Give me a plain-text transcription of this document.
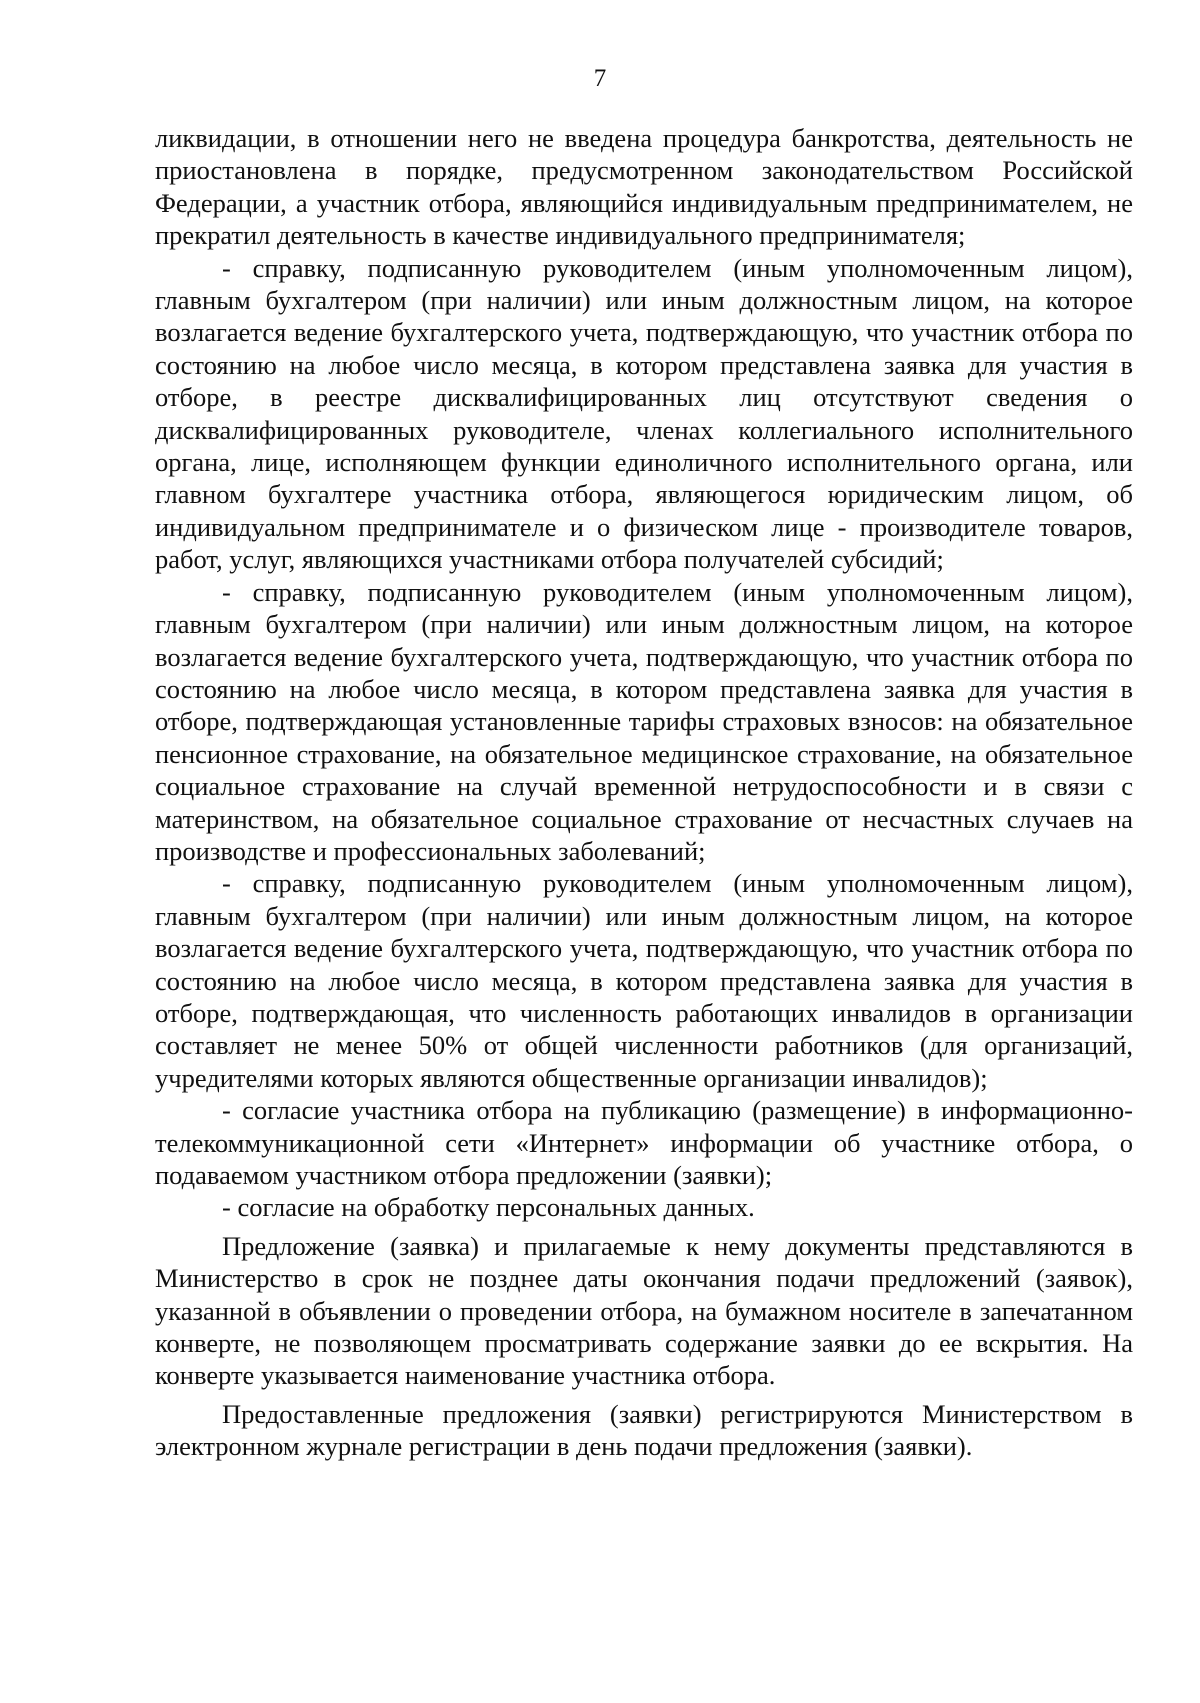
7

ликвидации, в отношении него не введена процедура банкротства, деятельность не приостановлена в порядке, предусмотренном законодательством Российской Федерации, а участник отбора, являющийся индивидуальным предпринимателем, не прекратил деятельность в качестве индивидуального предпринимателя;

- справку, подписанную руководителем (иным уполномоченным лицом), главным бухгалтером (при наличии) или иным должностным лицом, на которое возлагается ведение бухгалтерского учета, подтверждающую, что участник отбора по состоянию на любое число месяца, в котором представлена заявка для участия в отборе, в реестре дисквалифицированных лиц отсутствуют сведения о дисквалифицированных руководителе, членах коллегиального исполнительного органа, лице, исполняющем функции единоличного исполнительного органа, или главном бухгалтере участника отбора, являющегося юридическим лицом, об индивидуальном предпринимателе и о физическом лице - производителе товаров, работ, услуг, являющихся участниками отбора получателей субсидий;

- справку, подписанную руководителем (иным уполномоченным лицом), главным бухгалтером (при наличии) или иным должностным лицом, на которое возлагается ведение бухгалтерского учета, подтверждающую, что участник отбора по состоянию на любое число месяца, в котором представлена заявка для участия в отборе, подтверждающая установленные тарифы страховых взносов: на обязательное пенсионное страхование, на обязательное медицинское страхование, на обязательное социальное страхование на случай временной нетрудоспособности и в связи с материнством, на обязательное социальное страхование от несчастных случаев на производстве и профессиональных заболеваний;

- справку, подписанную руководителем (иным уполномоченным лицом), главным бухгалтером (при наличии) или иным должностным лицом, на которое возлагается ведение бухгалтерского учета, подтверждающую, что участник отбора по состоянию на любое число месяца, в котором представлена заявка для участия в отборе, подтверждающая, что численность работающих инвалидов в организации составляет не менее 50% от общей численности работников (для организаций, учредителями которых являются общественные организации инвалидов);

- согласие участника отбора на публикацию (размещение) в информационно-телекоммуникационной сети «Интернет» информации об участнике отбора, о подаваемом участником отбора предложении (заявки);

- согласие на обработку персональных данных.

Предложение (заявка) и прилагаемые к нему документы представляются в Министерство в срок не позднее даты окончания подачи предложений (заявок), указанной в объявлении о проведении отбора, на бумажном носителе в запечатанном конверте, не позволяющем просматривать содержание заявки до ее вскрытия. На конверте указывается наименование участника отбора.

Предоставленные предложения (заявки) регистрируются Министерством в электронном журнале регистрации в день подачи предложения (заявки).
